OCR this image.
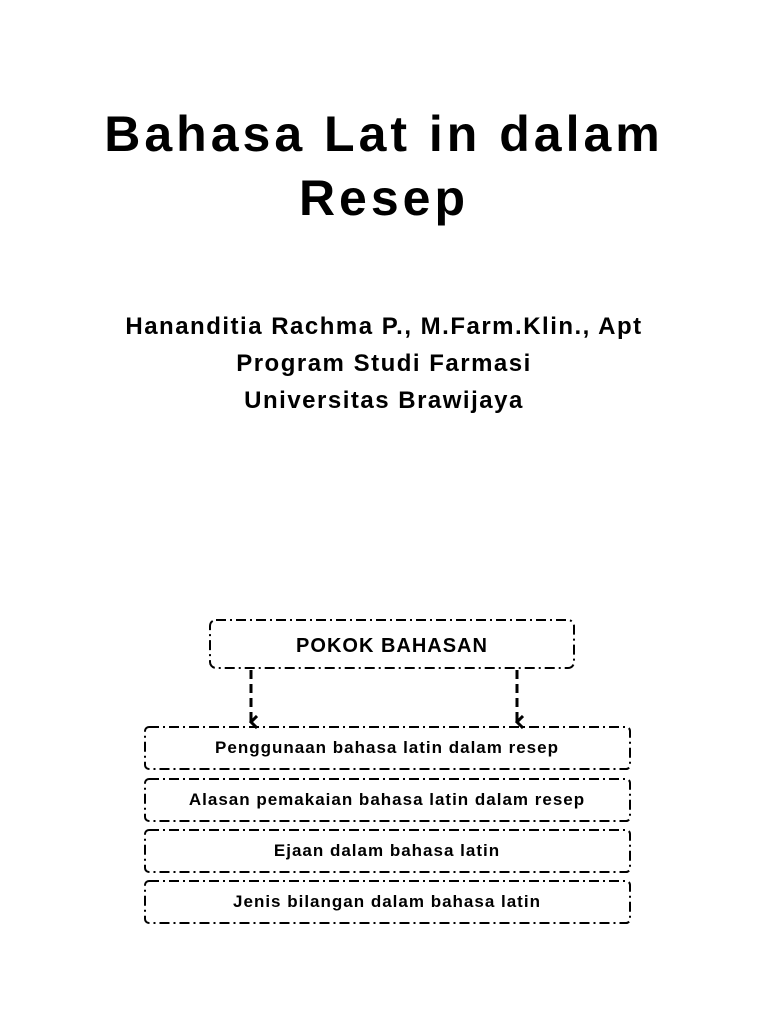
Bahasa Lat in dalam
Resep
Hananditia Rachma P., M.Farm.Klin., Apt
Program Studi Farmasi
Universitas Brawijaya
POKOK BAHASAN
Penggunaan bahasa latin dalam resep
Alasan pemakaian bahasa latin dalam resep
Ejaan dalam bahasa latin
Jenis bilangan dalam bahasa latin
